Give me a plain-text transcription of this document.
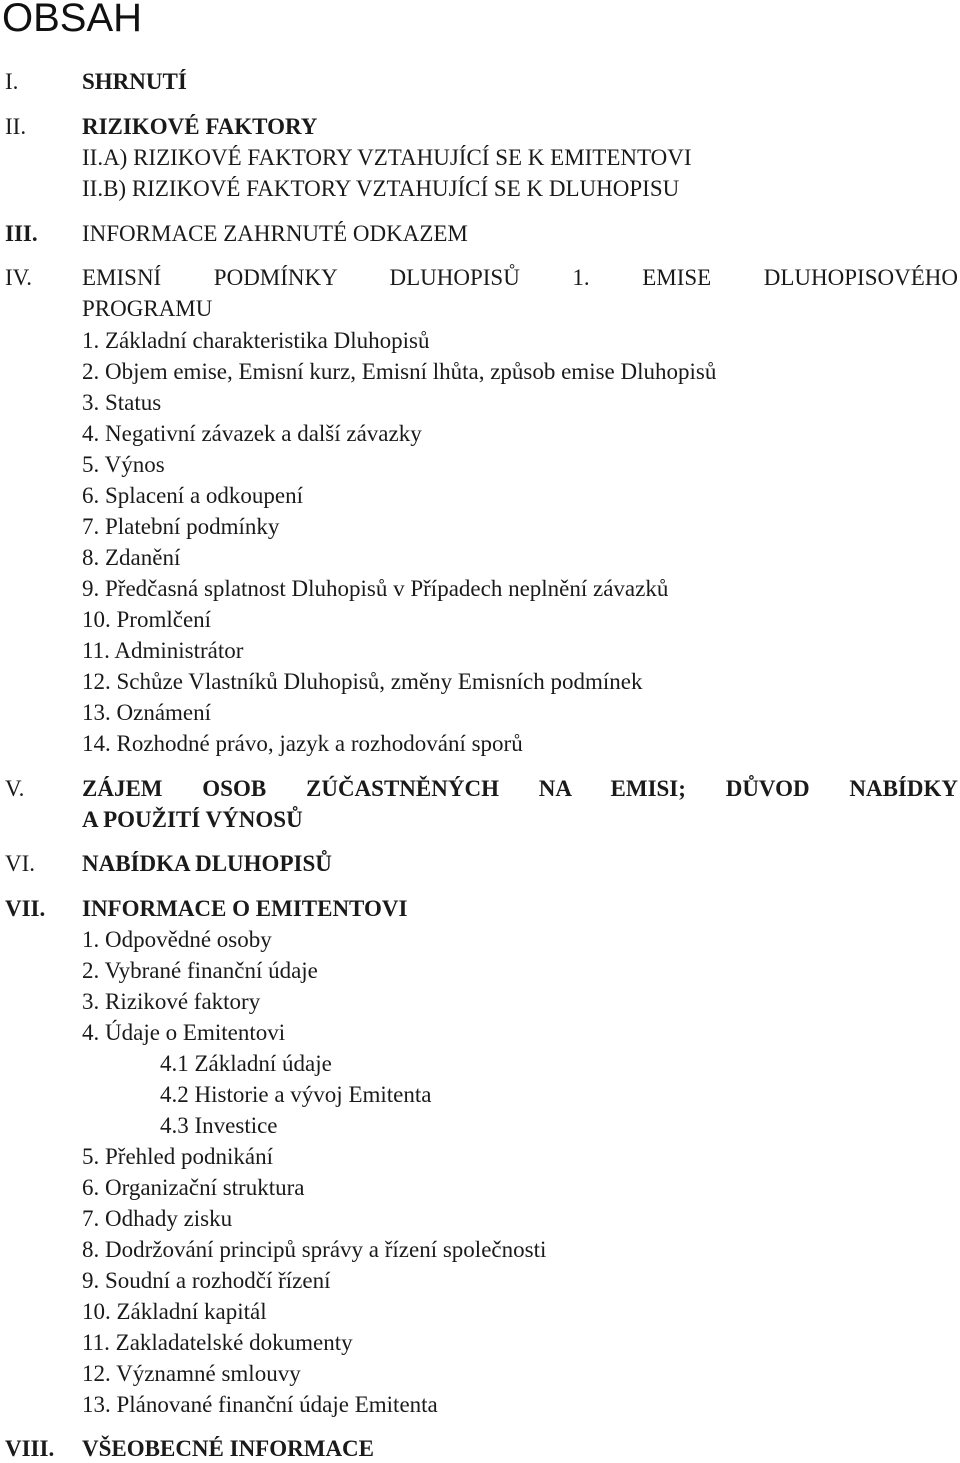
OBSAH
I.	SHRNUTÍ
II. RIZIKOVÉ FAKTORY
II.A) RIZIKOVÉ FAKTORY VZTAHUJÍCÍ SE K EMITENTOVI
II.B) RIZIKOVÉ FAKTORY VZTAHUJÍCÍ SE K DLUHOPISU
III. INFORMACE ZAHRNUTÉ ODKAZEM
IV. EMISNÍ PODMÍNKY DLUHOPISŮ 1. EMISE DLUHOPISOVÉHO
PROGRAMU
1. Základní charakteristika Dluhopisů
2. Objem emise, Emisní kurz, Emisní lhůta, způsob emise Dluhopisů
3. Status
4. Negativní závazek a další závazky
5. Výnos
6. Splacení a odkoupení
7. Platební podmínky
8. Zdanění
9. Předčasná splatnost Dluhopisů v Případech neplnění závazků
10. Promlčení
11. Administrátor
12. Schůze Vlastníků Dluhopisů, změny Emisních podmínek
13. Oznámení
14. Rozhodné právo, jazyk a rozhodování sporů
V.	ZÁJEM OSOB ZÚČASTNĚNÝCH NA EMISI; DŮVOD NABÍDKY
A POUŽITÍ VÝNOSŮ
VI. NABÍDKA DLUHOPISŮ
VII. INFORMACE O EMITENTOVI
1. Odpovědné osoby
2. Vybrané finanční údaje
3. Rizikové faktory
4. Údaje o Emitentovi
4.1 Základní údaje
4.2 Historie a vývoj Emitenta
4.3 Investice
5. Přehled podnikání
6. Organizační struktura
7. Odhady zisku
8. Dodržování principů správy a řízení společnosti
9. Soudní a rozhodčí řízení
10. Základní kapitál
11. Zakladatelské dokumenty
12. Významné smlouvy
13. Plánované finanční údaje Emitenta
VIII. VŠEOBECNÉ INFORMACE
